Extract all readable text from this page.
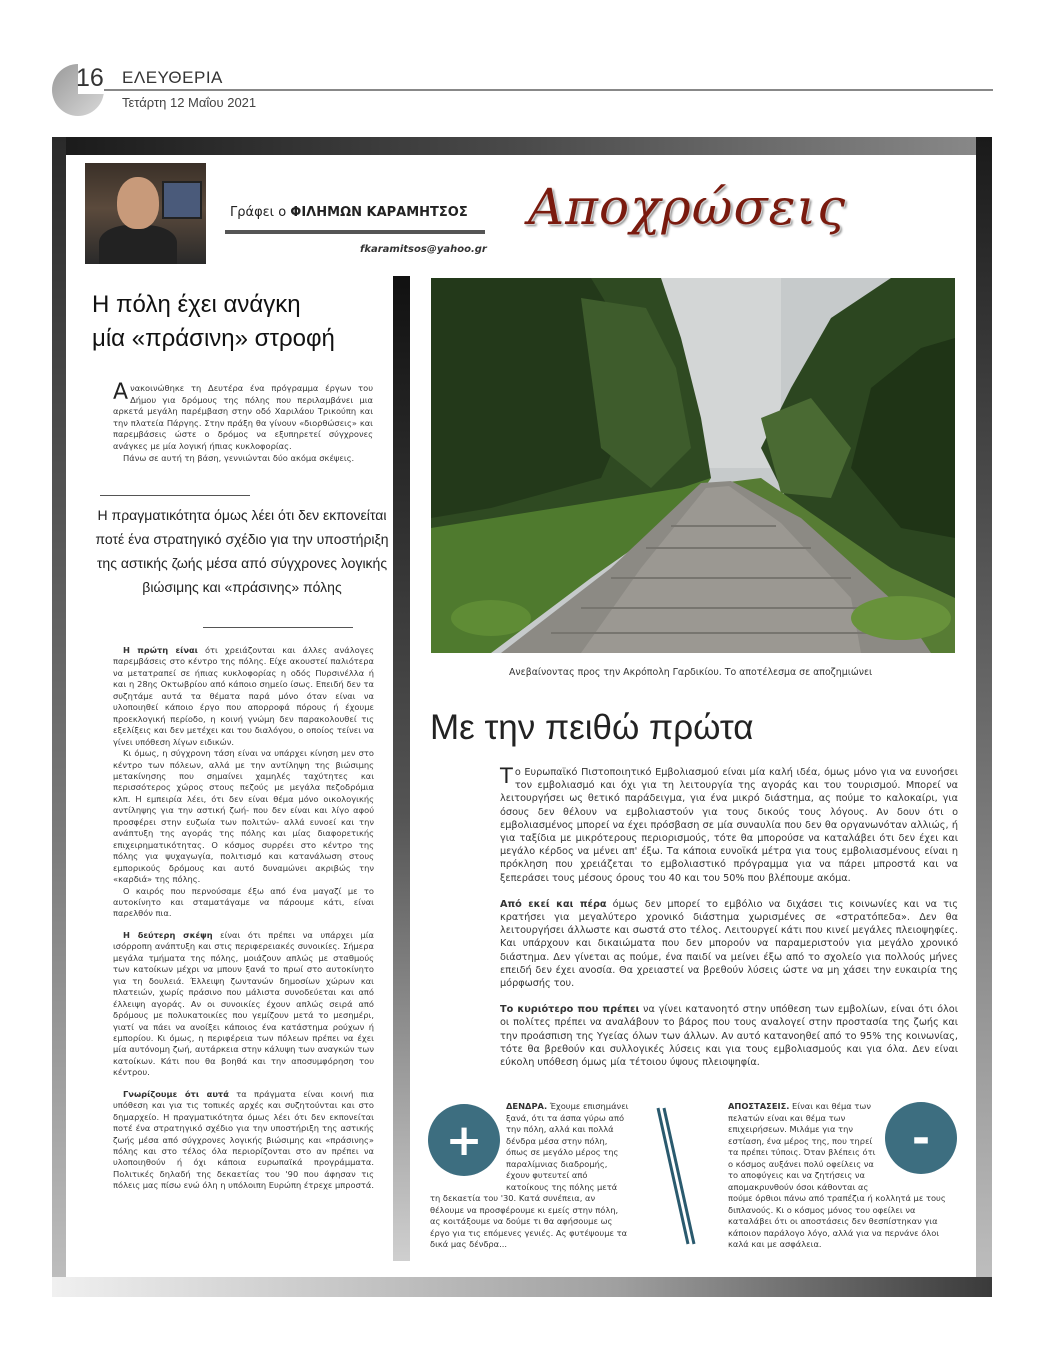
16 ΕΛΕΥΘΕΡΙΑ
Τετάρτη 12 Μαΐου 2021
Γράφει ο ΦΙΛΗΜΩΝ ΚΑΡΑΜΗΤΣΟΣ
fkaramitsos@yahoo.gr
Αποχρώσεις
Η πόλη έχει ανάγκη
μία «πράσινη» στροφή
Α νακοινώθηκε τη Δευτέρα ένα πρόγραμμα έργων του Δήμου για δρόμους της πόλης που περιλαμβάνει μια αρκετά μεγάλη παρέμβαση στην οδό Χαριλάου Τρικούπη και την πλατεία Πάργης. Στην πράξη θα γίνουν «διορθώσεις» και παρεμβάσεις ώστε ο δρόμος να εξυπηρετεί σύγχρονες ανάγκες με μία λογική ήπιας κυκλοφορίας.

Πάνω σε αυτή τη βάση, γεννιώνται δύο ακόμα σκέψεις.

Η πραγματικότητα όμως λέει ότι δεν εκπονείται ποτέ ένα στρατηγικό σχέδιο για την υποστήριξη της αστικής ζωής μέσα από σύγχρονες λογικής βιώσιμης και «πράσινης» πόλης

Η πρώτη είναι ότι χρειάζονται και άλλες ανάλογες παρεμβάσεις στο κέντρο της πόλης. Είχε ακουστεί παλιότερα να μετατραπεί σε ήπιας κυκλοφορίας η οδός Πυρσινέλλα ή και η 28ης Οκτωβρίου από κάποιο σημείο ίσως. Επειδή δεν τα συζητάμε αυτά τα θέματα παρά μόνο όταν είναι να υλοποιηθεί κάποιο έργο που απορροφά πόρους ή έχουμε προεκλογική περίοδο, η κοινή γνώμη δεν παρακολουθεί τις εξελίξεις και δεν μετέχει και του διαλόγου, ο οποίος τείνει να γίνει υπόθεση λίγων ειδικών.

Κι όμως, η σύγχρονη τάση είναι να υπάρχει κίνηση μεν στο κέντρο των πόλεων, αλλά με την αντίληψη της βιώσιμης μετακίνησης που σημαίνει χαμηλές ταχύτητες και περισσότερος χώρος στους πεζούς με μεγάλα πεζοδρόμια κλπ. Η εμπειρία λέει, ότι δεν είναι θέμα μόνο οικολογικής αντίληψης για την αστική ζωή- που δεν είναι και λίγο αφού προσφέρει στην ευζωία των πολιτών- αλλά ευνοεί και την ανάπτυξη της αγοράς της πόλης και μίας διαφορετικής επιχειρηματικότητας. Ο κόσμος συρρέει στο κέντρο της πόλης για ψυχαγωγία, πολιτισμό και κατανάλωση στους εμπορικούς δρόμους και αυτό δυναμώνει ακριβώς την «καρδιά» της πόλης.

Ο καιρός που περνούσαμε έξω από ένα μαγαζί με το αυτοκίνητο και σταματάγαμε να πάρουμε κάτι, είναι παρελθόν πια.

Η δεύτερη σκέψη είναι ότι πρέπει να υπάρχει μία ισόρροπη ανάπτυξη και στις περιφερειακές συνοικίες. Σήμερα μεγάλα τμήματα της πόλης, μοιάζουν απλώς με σταθμούς των κατοίκων μέχρι να μπουν ξανά το πρωί στο αυτοκίνητο για τη δουλειά. Έλλειψη ζωντανών δημοσίων χώρων και πλατειών, χωρίς πράσινο που μάλιστα συνοδεύεται και από έλλειψη αγοράς. Αν οι συνοικίες έχουν απλώς σειρά από δρόμους με πολυκατοικίες που γεμίζουν μετά το μεσημέρι, γιατί να πάει να ανοίξει κάποιος ένα κατάστημα ρούχων ή εμπορίου. Κι όμως, η περιφέρεια των πόλεων πρέπει να έχει μία αυτόνομη ζωή, αυτάρκεια στην κάλυψη των αναγκών των κατοίκων. Κάτι που θα βοηθά και την αποσυμφόρηση του κέντρου.

Γνωρίζουμε ότι αυτά τα πράγματα είναι κοινή πια υπόθεση και για τις τοπικές αρχές και συζητούνται και στο δημαρχείο. Η πραγματικότητα όμως λέει ότι δεν εκπονείται ποτέ ένα στρατηγικό σχέδιο για την υποστήριξη της αστικής ζωής μέσα από σύγχρονες λογικής βιώσιμης και «πράσινης» πόλης και στο τέλος όλα περιορίζονται στο αν πρέπει να υλοποιηθούν ή όχι κάποια ευρωπαϊκά προγράμματα. Πολιτικές δηλαδή της δεκαετίας του '90 που άφησαν τις πόλεις μας πίσω ενώ όλη η υπόλοιπη Ευρώπη έτρεχε μπροστά.

Ανεβαίνοντας προς την Ακρόπολη Γαρδικίου. Το αποτέλεσμα σε αποζημιώνει
Με την πειθώ πρώτα

Το Ευρωπαϊκό Πιστοποιητικό Εμβολιασμού είναι μία καλή ιδέα, όμως μόνο για να ευνοήσει τον εμβολιασμό και όχι για τη λειτουργία της αγοράς και του τουρισμού. Μπορεί να λειτουργήσει ως θετικό παράδειγμα, για ένα μικρό διάστημα, ας πούμε το καλοκαίρι, για όσους δεν θέλουν να εμβολιαστούν για τους δικούς τους λόγους. Αν δουν ότι ο εμβολιασμένος μπορεί να έχει πρόσβαση σε μία συναυλία που δεν θα οργανωνόταν αλλιώς, ή για ταξίδια με μικρότερους περιορισμούς, τότε θα μπορούσε να καταλάβει ότι δεν έχει και μεγάλο κέρδος να μένει απ' έξω. Τα κάποια ευνοϊκά μέτρα για τους εμβολιασμένους είναι η πρόκληση που χρειάζεται το εμβολιαστικό πρόγραμμα για να πάρει μπροστά και να ξεπεράσει τους μέσους όρους του 40 και του 50% που βλέπουμε ακόμα.

Από εκεί και πέρα όμως δεν μπορεί το εμβόλιο να διχάσει τις κοινωνίες και να τις κρατήσει για μεγαλύτερο χρονικό διάστημα χωρισμένες σε «στρατόπεδα». Δεν θα λειτουργήσει άλλωστε και σωστά στο τέλος. Λειτουργεί κάτι που κινεί μεγάλες πλειοψηφίες. Και υπάρχουν και δικαιώματα που δεν μπορούν να παραμεριστούν για μεγάλο χρονικό διάστημα. Δεν γίνεται ας πούμε, ένα παιδί να μείνει έξω από το σχολείο για πολλούς μήνες επειδή δεν έχει ανοσία. Θα χρειαστεί να βρεθούν λύσεις ώστε να μη χάσει την ευκαιρία της μόρφωσής του.

Το κυριότερο που πρέπει να γίνει κατανοητό στην υπόθεση των εμβολίων, είναι ότι όλοι οι πολίτες πρέπει να αναλάβουν το βάρος που τους αναλογεί στην προστασία της ζωής και την προάσπιση της Υγείας όλων των άλλων. Αν αυτό κατανοηθεί από το 95% της κοινωνίας, τότε θα βρεθούν και συλλογικές λύσεις και για τους εμβολιασμούς και για όλα. Δεν είναι εύκολη υπόθεση όμως μία τέτοιου ύψους πλειοψηφία.

+
ΔΕΝΔΡΑ. Έχουμε επισημάνει ξανά, ότι τα άσπα γύρω από την πόλη, αλλά και πολλά δένδρα μέσα στην πόλη, όπως σε μεγάλο μέρος της παραλίμνιας διαδρομής, έχουν φυτευτεί από κατοίκους της πόλης μετά τη δεκαετία του '30. Κατά συνέπεια, αν θέλουμε να προσφέρουμε κι εμείς στην πόλη, ας κοιτάξουμε να δούμε τι θα αφήσουμε ως έργο για τις επόμενες γενιές. Ας φυτέψουμε τα δικά μας δένδρα...
-
ΑΠΟΣΤΑΣΕΙΣ. Είναι και θέμα των πελατών είναι και θέμα των επιχειρήσεων. Μιλάμε για την εστίαση, ένα μέρος της, που τηρεί τα πρέπει τύποις. Όταν βλέπεις ότι ο κόσμος αυξάνει πολύ οφείλεις να το αποφύγεις και να ζητήσεις να απομακρυνθούν όσοι κάθονται ας πούμε όρθιοι πάνω από τραπέζια ή κολλητά με τους διπλανούς. Κι ο κόσμος μόνος του οφείλει να καταλάβει ότι οι αποστάσεις δεν θεσπίστηκαν για κάποιον παράλογο λόγο, αλλά για να περνάνε όλοι καλά και με ασφάλεια.
